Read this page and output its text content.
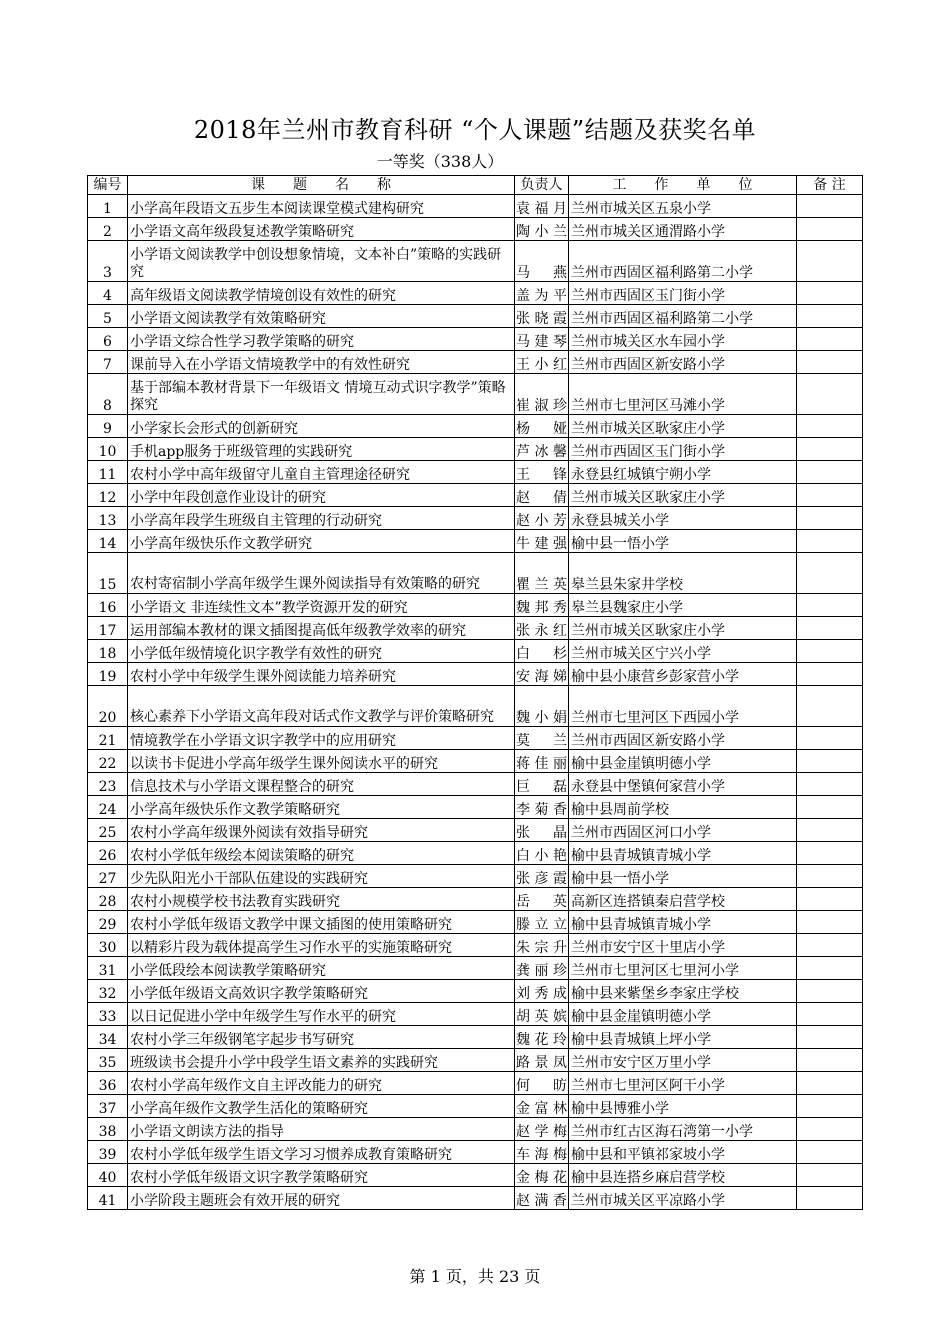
2018年兰州市教育科研 “个人课题”结题及获奖名单
一等奖（338人）
编号	课　　题　　名　　称	负责人	工　　作　　单　　位	备 注
1	小学高年段语文五步生本阅读课堂模式建构研究	袁福月	兰州市城关区五泉小学	
2	小学语文高年级段复述教学策略研究	陶小兰	兰州市城关区通渭路小学	
3	小学语文阅读教学中创设想象情境，文本补白”策略的实践研究	马　燕	兰州市西固区福利路第二小学	
4	高年级语文阅读教学情境创设有效性的研究	盖为平	兰州市西固区玉门街小学	
5	小学语文阅读教学有效策略研究	张晓霞	兰州市西固区福利路第二小学	
6	小学语文综合性学习教学策略的研究	马建琴	兰州市城关区水车园小学	
7	课前导入在小学语文情境教学中的有效性研究	王小红	兰州市西固区新安路小学	
8	基于部编本教材背景下一年级语文 情境互动式识字教学”策略探究	崔淑珍	兰州市七里河区马滩小学	
9	小学家长会形式的创新研究	杨　娅	兰州市城关区耿家庄小学	
10	手机app服务于班级管理的实践研究	芦冰馨	兰州市西固区玉门街小学	
11	农村小学中高年级留守儿童自主管理途径研究	王　锋	永登县红城镇宁朔小学	
12	小学中年段创意作业设计的研究	赵　倩	兰州市城关区耿家庄小学	
13	小学高年段学生班级自主管理的行动研究	赵小芳	永登县城关小学	
14	小学高年级快乐作文教学研究	牛建强	榆中县一悟小学	
15	农村寄宿制小学高年级学生课外阅读指导有效策略的研究	瞿兰英	皋兰县朱家井学校	
16	小学语文 非连续性文本”教学资源开发的研究	魏邦秀	皋兰县魏家庄小学	
17	运用部编本教材的课文插图提高低年级教学效率的研究	张永红	兰州市城关区耿家庄小学	
18	小学低年级情境化识字教学有效性的研究	白　杉	兰州市城关区宁兴小学	
19	农村小学中年级学生课外阅读能力培养研究	安海娣	榆中县小康营乡彭家营小学	
20	核心素养下小学语文高年段对话式作文教学与评价策略研究	魏小娟	兰州市七里河区下西园小学	
21	情境教学在小学语文识字教学中的应用研究	莫　兰	兰州市西固区新安路小学	
22	以读书卡促进小学高年级学生课外阅读水平的研究	蒋佳丽	榆中县金崖镇明德小学	
23	信息技术与小学语文课程整合的研究	巨　磊	永登县中堡镇何家营小学	
24	小学高年级快乐作文教学策略研究	李菊香	榆中县周前学校	
25	农村小学高年级课外阅读有效指导研究	张　晶	兰州市西固区河口小学	
26	农村小学低年级绘本阅读策略的研究	白小艳	榆中县青城镇青城小学	
27	少先队阳光小干部队伍建设的实践研究	张彦霞	榆中县一悟小学	
28	农村小规模学校书法教育实践研究	岳　英	高新区连搭镇秦启营学校	
29	农村小学低年级语文教学中课文插图的使用策略研究	滕立立	榆中县青城镇青城小学	
30	以精彩片段为载体提高学生习作水平的实施策略研究	朱宗升	兰州市安宁区十里店小学	
31	小学低段绘本阅读教学策略研究	龚丽珍	兰州市七里河区七里河小学	
32	小学低年级语文高效识字教学策略研究	刘秀成	榆中县来紫堡乡李家庄学校	
33	以日记促进小学中年级学生写作水平的研究	胡英嫔	榆中县金崖镇明德小学	
34	农村小学三年级钢笔字起步书写研究	魏花玲	榆中县青城镇上坪小学	
35	班级读书会提升小学中段学生语文素养的实践研究	路景凤	兰州市安宁区万里小学	
36	农村小学高年级作文自主评改能力的研究	何　昉	兰州市七里河区阿干小学	
37	小学高年级作文教学生活化的策略研究	金富林	榆中县博雅小学	
38	小学语文朗读方法的指导	赵学梅	兰州市红古区海石湾第一小学	
39	农村小学低年级学生语文学习习惯养成教育策略研究	车海梅	榆中县和平镇祁家坡小学	
40	农村小学低年级语文识字教学策略研究	金梅花	榆中县连搭乡麻启营学校	
41	小学阶段主题班会有效开展的研究	赵满香	兰州市城关区平凉路小学	
第 1 页，共 23 页
